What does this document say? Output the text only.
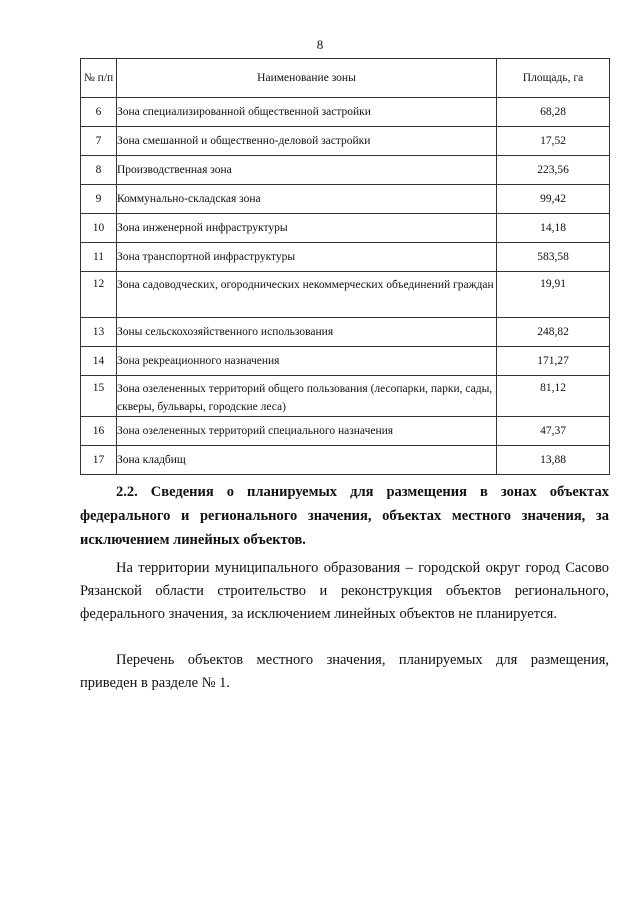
8
№ п/п	Наименование зоны	Площадь, га
6	Зона специализированной общественной застройки	68,28
7	Зона смешанной и общественно-деловой застройки	17,52
8	Производственная зона	223,56
9	Коммунально-складская зона	99,42
10	Зона инженерной инфраструктуры	14,18
11	Зона транспортной инфраструктуры	583,58
12	Зона садоводческих, огороднических некоммерческих объединений граждан	19,91
13	Зоны сельскохозяйственного использования	248,82
14	Зона рекреационного назначения	171,27
15	Зона озелененных территорий общего пользования (лесопарки, парки, сады, скверы, бульвары, городские леса)	81,12
16	Зона озелененных территорий специального назначения	47,37
17	Зона кладбищ	13,88

2.2. Сведения о планируемых для размещения в зонах объектах федерального и регионального значения, объектах местного значения, за исключением линейных объектов.

На территории муниципального образования – городской округ город Сасово Рязанской области строительство и реконструкция объектов регионального, федерального значения, за исключением линейных объектов не планируется.

Перечень объектов местного значения, планируемых для размещения, приведен в разделе № 1.
